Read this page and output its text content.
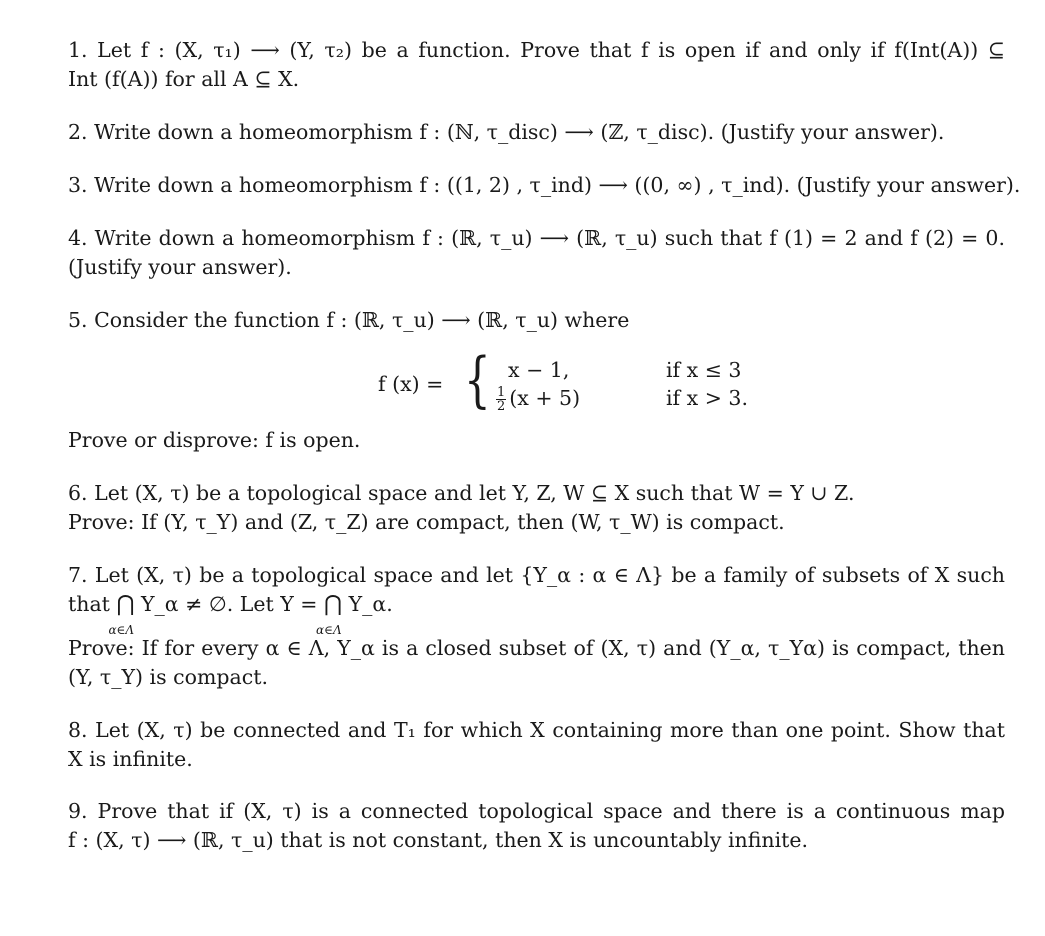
1. Let f : (X, τ₁) ⟶ (Y, τ₂) be a function. Prove that f is open if and only if f(Int(A)) ⊆
Int (f(A)) for all A ⊆ X.
2. Write down a homeomorphism f : (ℕ, τ_disc) ⟶ (ℤ, τ_disc). (Justify your answer).
3. Write down a homeomorphism f : ((1, 2) , τ_ind) ⟶ ((0, ∞) , τ_ind). (Justify your answer).
4. Write down a homeomorphism f : (ℝ, τ_u) ⟶ (ℝ, τ_u) such that f (1) = 2 and f (2) = 0.
(Justify your answer).
5. Consider the function f : (ℝ, τ_u) ⟶ (ℝ, τ_u) where
f (x) = { x − 1,	if x ≤ 3
$\frac{1}{2} (x + 5)$	if x > 3.
Prove or disprove: f is open.
6. Let (X, τ) be a topological space and let Y, Z, W ⊆ X such that W = Y ∪ Z.
Prove: If (Y, τ_Y) and (Z, τ_Z) are compact, then (W, τ_W) is compact.
7. Let (X, τ) be a topological space and let {Y_α : α ∈ Λ} be a family of subsets of X such
that ⋂
α∈Λ
Y_α ≠ ∅. Let Y = ⋂
α∈Λ
Y_α.
Prove: If for every α ∈ Λ, Y_α is a closed subset of (X, τ) and (Y_α, τ_Yα) is compact, then
(Y, τ_Y) is compact.
8. Let (X, τ) be connected and T₁ for which X containing more than one point. Show that
X is infinite.
9. Prove that if (X, τ) is a connected topological space and there is a continuous map
f : (X, τ) ⟶ (ℝ, τ_u) that is not constant, then X is uncountably infinite.
